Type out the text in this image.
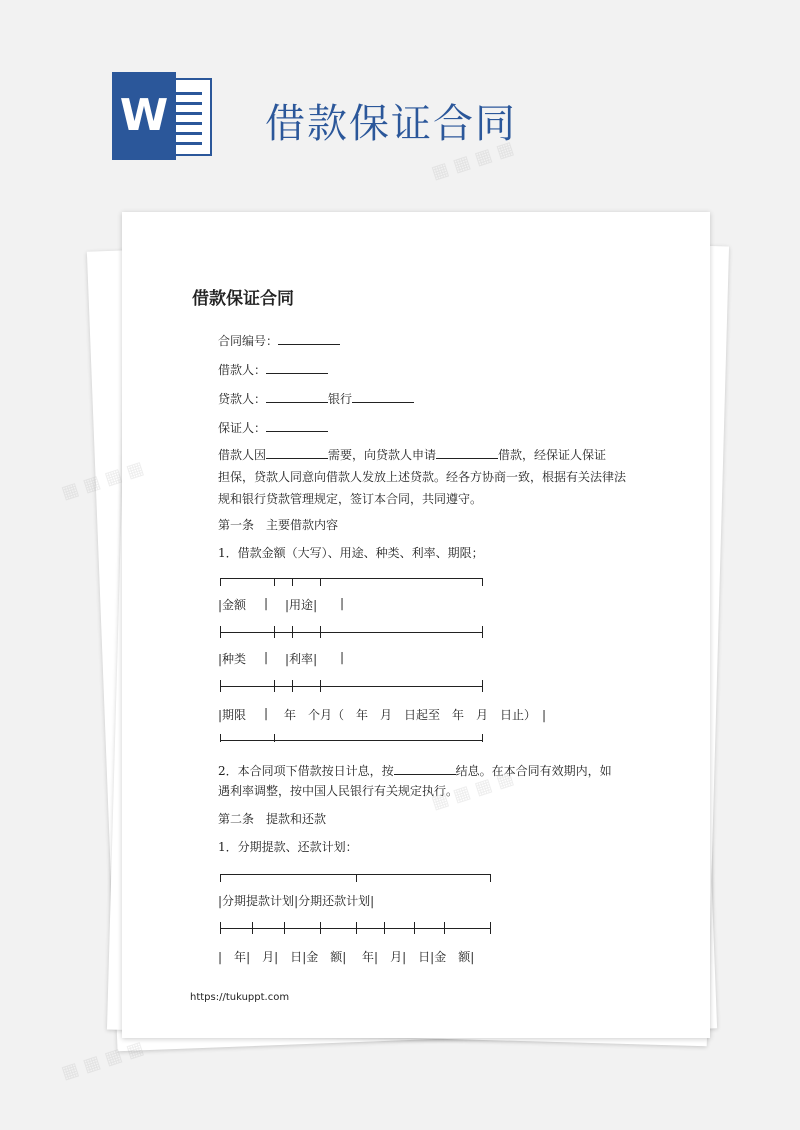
W 借款保证合同
借款保证合同
合同编号：
借款人：
贷款人：	银行
保证人：
借款人因	需要，向贷款人申请	借款，经保证人保证
担保，贷款人同意向借款人发放上述贷款。经各方协商一致，根据有关法律法
规和银行贷款管理规定，签订本合同，共同遵守。
第一条　主要借款内容
1．借款金额（大写）、用途、种类、利率、期限；
|金额 | |用途| |
|种类 | |利率| |
|期限 | 年　个月（　年　月　日起至　年　月　日止）　|
2．本合同项下借款按日计息，按	结息。在本合同有效期内，如
遇利率调整，按中国人民银行有关规定执行。
第二条　提款和还款
1．分期提款、还款计划：
|分期提款计划|分期还款计划|
|　年|　月|　日|金　额| 年|　月|　日|金　额|
https://tukuppt.com
▦ ▦ ▦ ▦
▦ ▦
▦ ▦ ▦ ▦
